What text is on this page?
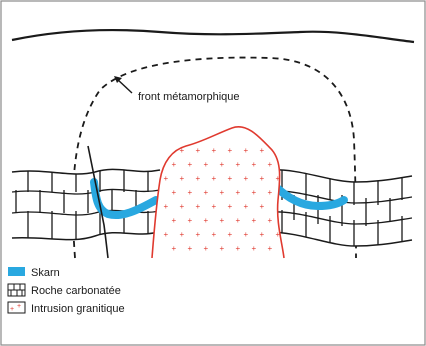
front métamorphique
+ + + + + +
+ + + + + + +
+ + + + + + + +
+ + + + + + +
+ + + + + + +
+ + + + + + +
+ + + + + + + +
+ + + + + + +
Skarn
Roche carbonatée
+ + Intrusion granitique
